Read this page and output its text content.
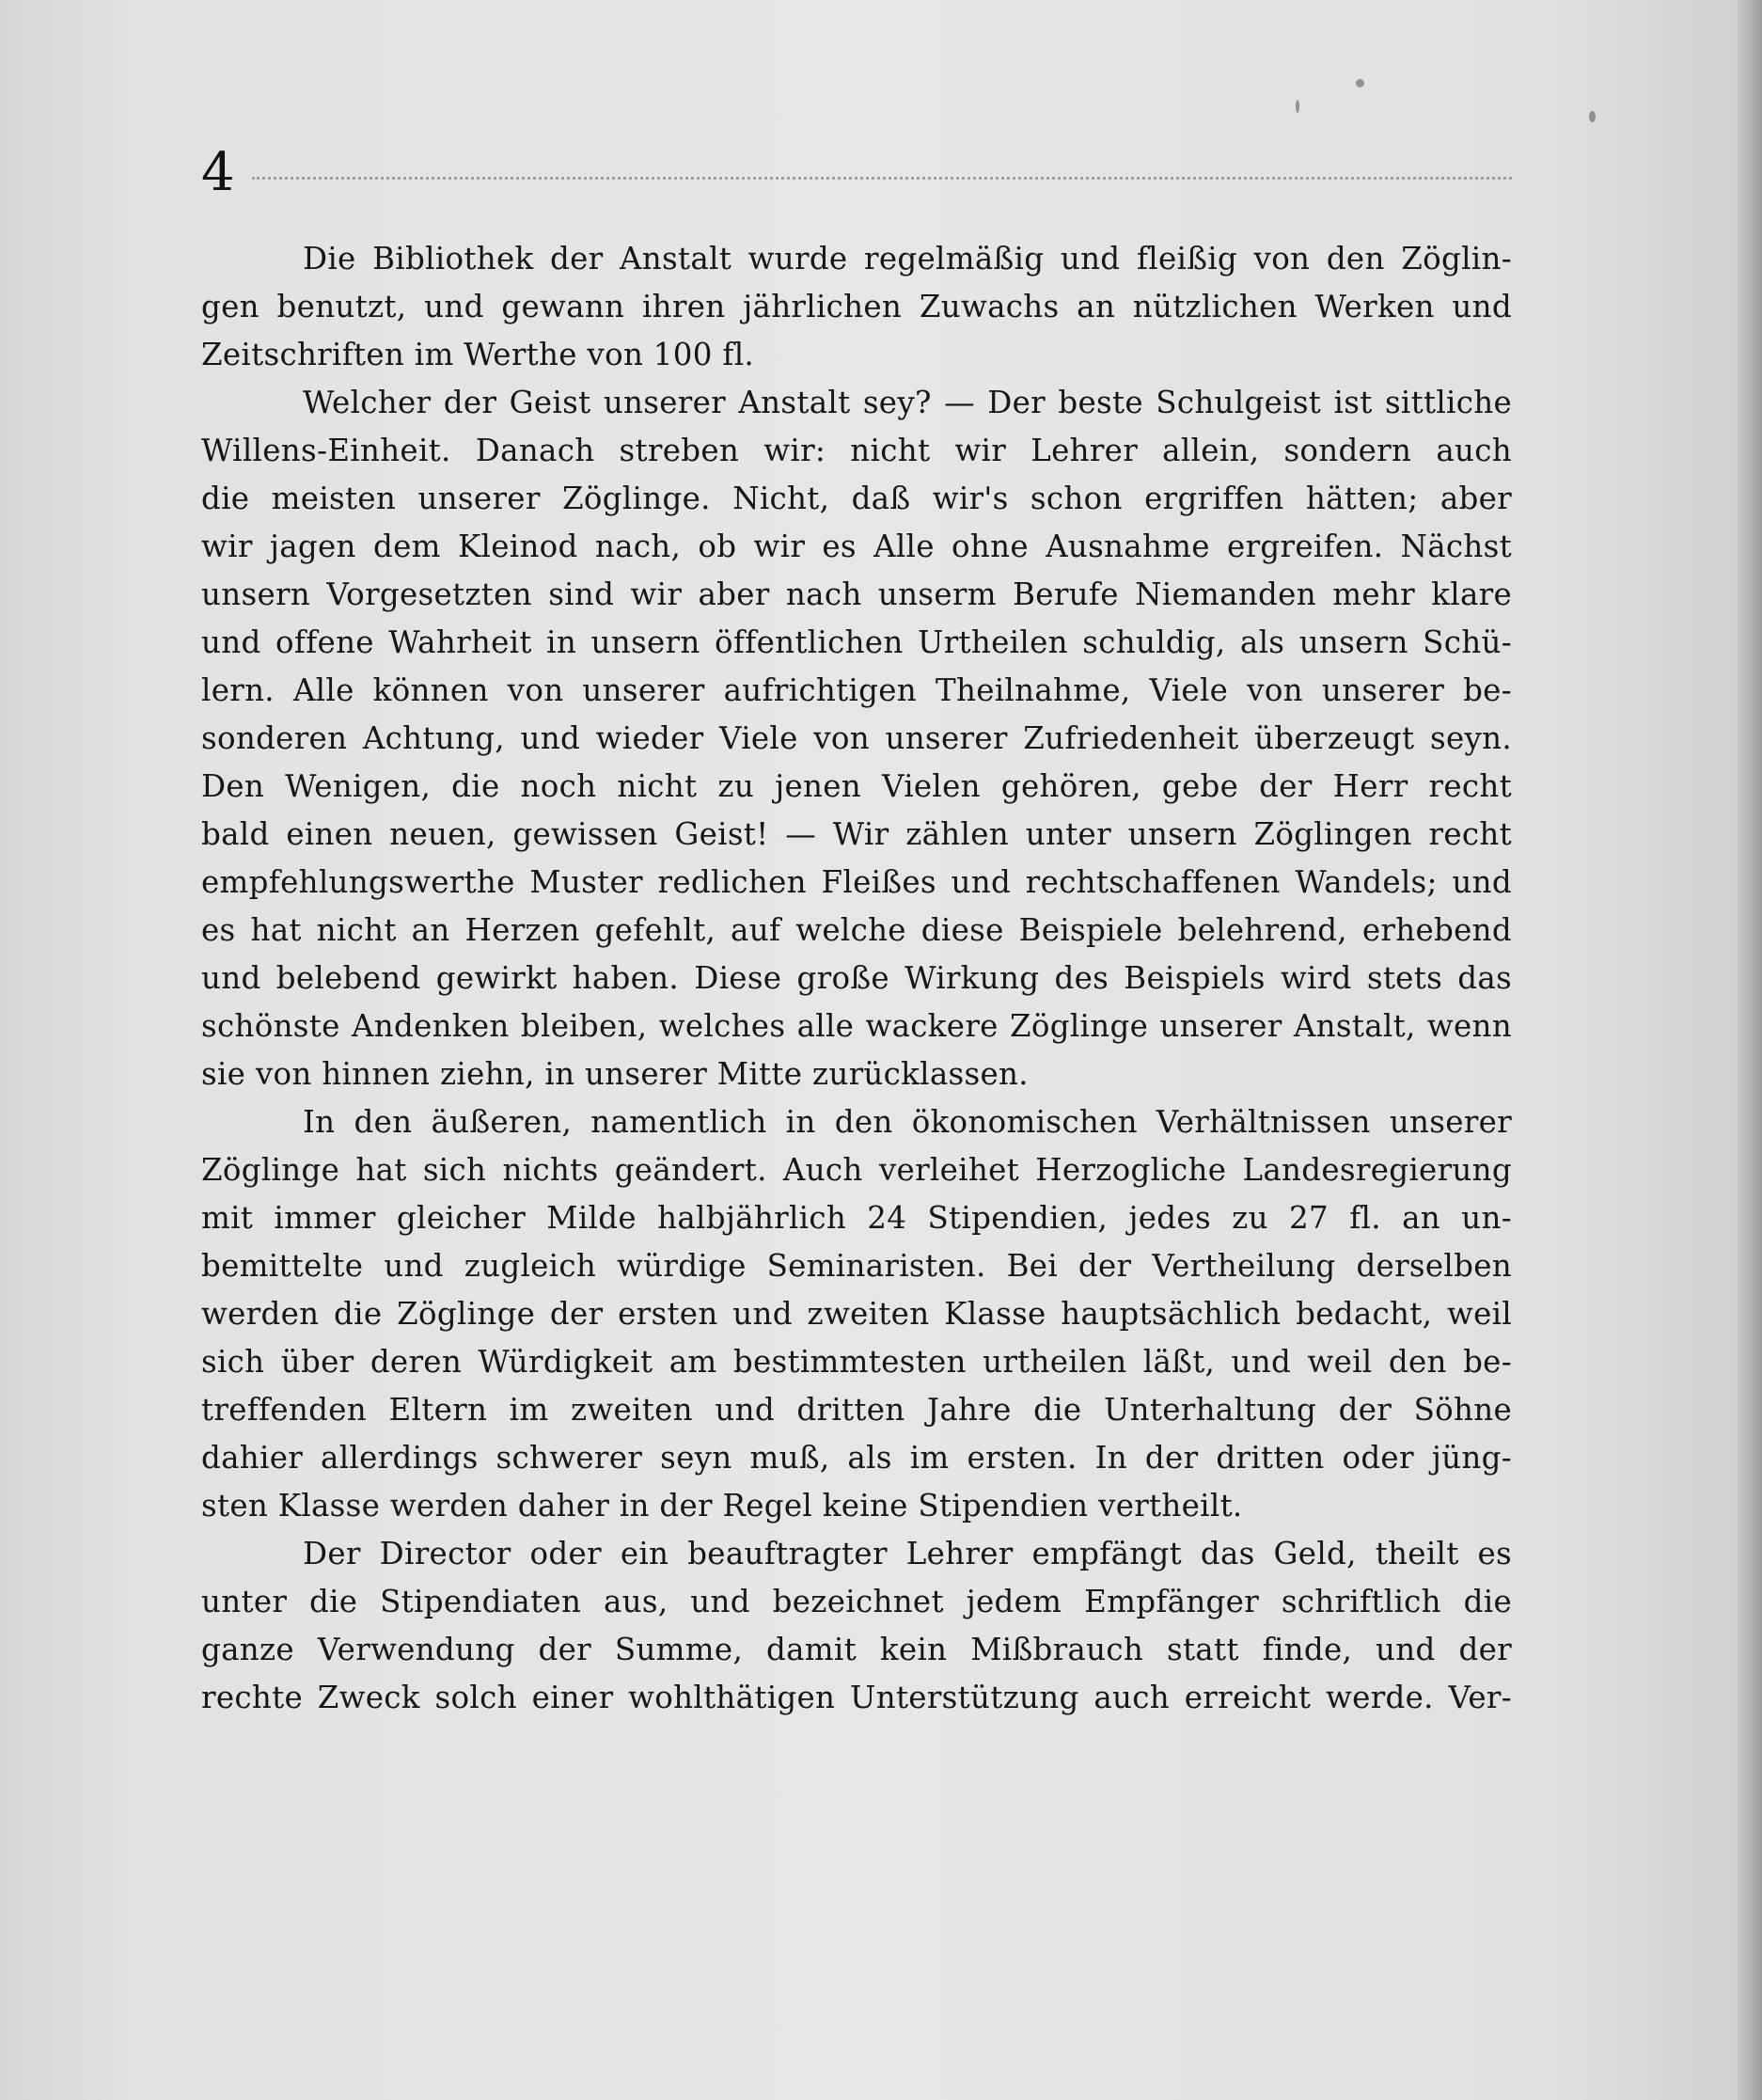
4

Die Bibliothek der Anstalt wurde regelmäßig und fleißig von den Zöglin-
gen benutzt, und gewann ihren jährlichen Zuwachs an nützlichen Werken und
Zeitschriften im Werthe von 100 fl.

Welcher der Geist unserer Anstalt sey? — Der beste Schulgeist ist sittliche
Willens-Einheit. Danach streben wir: nicht wir Lehrer allein, sondern auch
die meisten unserer Zöglinge. Nicht, daß wir's schon ergriffen hätten; aber
wir jagen dem Kleinod nach, ob wir es Alle ohne Ausnahme ergreifen. Nächst
unsern Vorgesetzten sind wir aber nach unserm Berufe Niemanden mehr klare
und offene Wahrheit in unsern öffentlichen Urtheilen schuldig, als unsern Schü-
lern. Alle können von unserer aufrichtigen Theilnahme, Viele von unserer be-
sonderen Achtung, und wieder Viele von unserer Zufriedenheit überzeugt seyn.
Den Wenigen, die noch nicht zu jenen Vielen gehören, gebe der Herr recht
bald einen neuen, gewissen Geist! — Wir zählen unter unsern Zöglingen recht
empfehlungswerthe Muster redlichen Fleißes und rechtschaffenen Wandels; und
es hat nicht an Herzen gefehlt, auf welche diese Beispiele belehrend, erhebend
und belebend gewirkt haben. Diese große Wirkung des Beispiels wird stets das
schönste Andenken bleiben, welches alle wackere Zöglinge unserer Anstalt, wenn
sie von hinnen ziehn, in unserer Mitte zurücklassen.

In den äußeren, namentlich in den ökonomischen Verhältnissen unserer
Zöglinge hat sich nichts geändert. Auch verleihet Herzogliche Landesregierung
mit immer gleicher Milde halbjährlich 24 Stipendien, jedes zu 27 fl. an un-
bemittelte und zugleich würdige Seminaristen. Bei der Vertheilung derselben
werden die Zöglinge der ersten und zweiten Klasse hauptsächlich bedacht, weil
sich über deren Würdigkeit am bestimmtesten urtheilen läßt, und weil den be-
treffenden Eltern im zweiten und dritten Jahre die Unterhaltung der Söhne
dahier allerdings schwerer seyn muß, als im ersten. In der dritten oder jüng-
sten Klasse werden daher in der Regel keine Stipendien vertheilt.

Der Director oder ein beauftragter Lehrer empfängt das Geld, theilt es
unter die Stipendiaten aus, und bezeichnet jedem Empfänger schriftlich die
ganze Verwendung der Summe, damit kein Mißbrauch statt finde, und der
rechte Zweck solch einer wohlthätigen Unterstützung auch erreicht werde. Ver-
